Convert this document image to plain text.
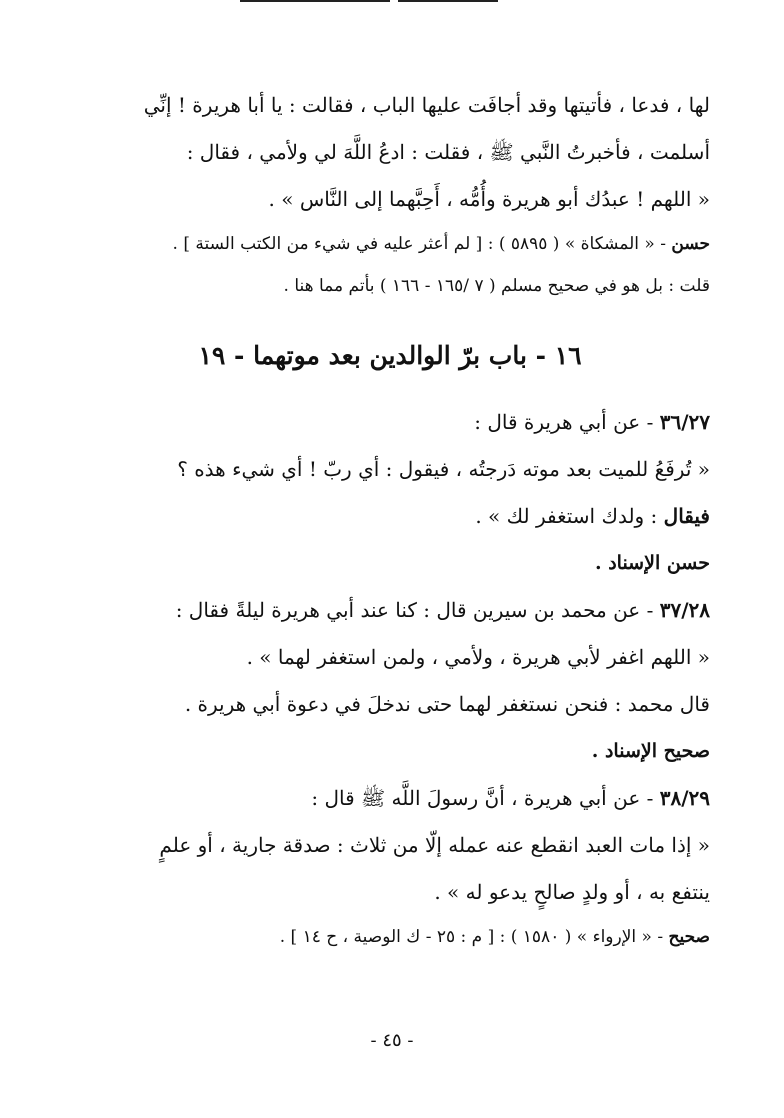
لها ، فدعا ، فأتيتها وقد أجافَت عليها الباب ، فقالت : يا أبا هريرة ! إنِّي
أسلمت ، فأخبرتُ النَّبي ﷺ ، فقلت : ادعُ اللَّهَ لي ولأمي ، فقال :
« اللهم ! عبدُك أبو هريرة وأُمُّه ، أَحِبَّهما إلى النَّاس » .
حسن - « المشكاة » ( ٥٨٩٥ ) : [ لم أعثر عليه في شيء من الكتب الستة ] .
قلت : بل هو في صحيح مسلم ( ٧ /١٦٥ - ١٦٦ ) بأتم مما هنا .
١٦ - باب برّ الوالدين بعد موتهما - ١٩
٣٦/٢٧ - عن أبي هريرة قال :
« تُرفَعُ للميت بعد موته دَرجتُه ، فيقول : أي ربّ ! أي شيء هذه ؟
فيقال : ولدك استغفر لك » .
حسن الإسناد .
٣٧/٢٨ - عن محمد بن سيرين قال : كنا عند أبي هريرة ليلةً فقال :
« اللهم اغفر لأبي هريرة ، ولأمي ، ولمن استغفر لهما » .
قال محمد : فنحن نستغفر لهما حتى ندخلَ في دعوة أبي هريرة .
صحيح الإسناد .
٣٨/٢٩ - عن أبي هريرة ، أنَّ رسولَ اللَّه ﷺ قال :
« إذا مات العبد انقطع عنه عمله إلّا من ثلاث : صدقة جارية ، أو علمٍ
ينتفع به ، أو ولدٍ صالحٍ يدعو له » .
صحيح - « الإرواء » ( ١٥٨٠ ) : [ م : ٢٥ - ك الوصية ، ح ١٤ ] .
- ٤٥ -
